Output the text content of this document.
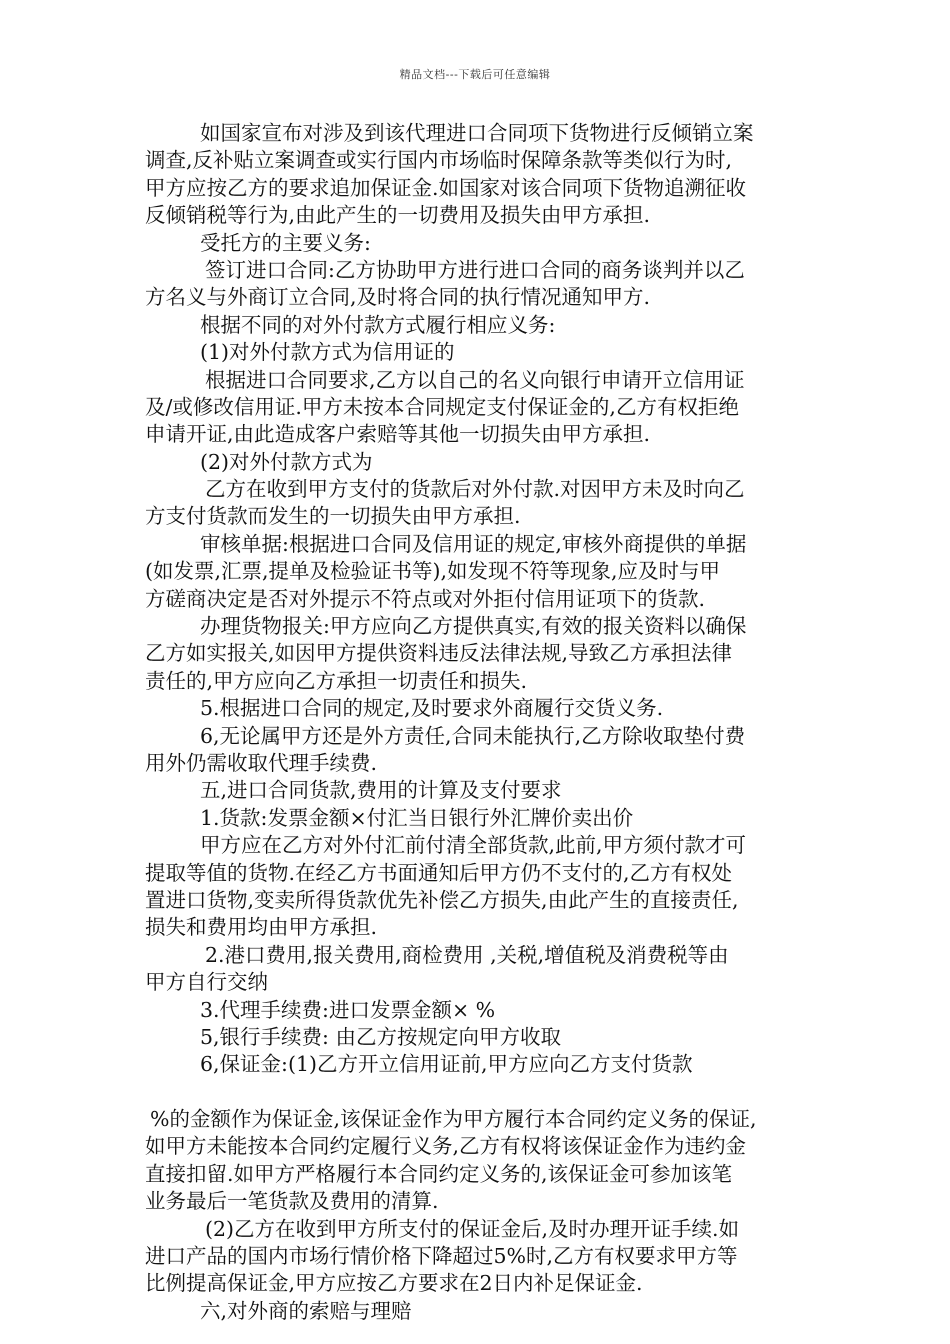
精品文档---下载后可任意编辑
如国家宣布对涉及到该代理进口合同项下货物进行反倾销立案
调查,反补贴立案调查或实行国内市场临时保障条款等类似行为时,
甲方应按乙方的要求追加保证金.如国家对该合同项下货物追溯征收
反倾销税等行为,由此产生的一切费用及损失由甲方承担.
受托方的主要义务:
签订进口合同:乙方协助甲方进行进口合同的商务谈判并以乙
方名义与外商订立合同,及时将合同的执行情况通知甲方.
根据不同的对外付款方式履行相应义务:
(1)对外付款方式为信用证的
根据进口合同要求,乙方以自己的名义向银行申请开立信用证
及/或修改信用证.甲方未按本合同规定支付保证金的,乙方有权拒绝
申请开证,由此造成客户索赔等其他一切损失由甲方承担.
(2)对外付款方式为
乙方在收到甲方支付的货款后对外付款.对因甲方未及时向乙
方支付货款而发生的一切损失由甲方承担.
审核单据:根据进口合同及信用证的规定,审核外商提供的单据
(如发票,汇票,提单及检验证书等),如发现不符等现象,应及时与甲
方磋商决定是否对外提示不符点或对外拒付信用证项下的货款.
办理货物报关:甲方应向乙方提供真实,有效的报关资料以确保
乙方如实报关,如因甲方提供资料违反法律法规,导致乙方承担法律
责任的,甲方应向乙方承担一切责任和损失.
5.根据进口合同的规定,及时要求外商履行交货义务.
6,无论属甲方还是外方责任,合同未能执行,乙方除收取垫付费
用外仍需收取代理手续费.
五,进口合同货款,费用的计算及支付要求
1.货款:发票金额×付汇当日银行外汇牌价卖出价
甲方应在乙方对外付汇前付清全部货款,此前,甲方须付款才可
提取等值的货物.在经乙方书面通知后甲方仍不支付的,乙方有权处
置进口货物,变卖所得货款优先补偿乙方损失,由此产生的直接责任,
损失和费用均由甲方承担.
2.港口费用,报关费用,商检费用 ,关税,增值税及消费税等由
甲方自行交纳
3.代理手续费:进口发票金额× %
5,银行手续费: 由乙方按规定向甲方收取
6,保证金:(1)乙方开立信用证前,甲方应向乙方支付货款
%的金额作为保证金,该保证金作为甲方履行本合同约定义务的保证,
如甲方未能按本合同约定履行义务,乙方有权将该保证金作为违约金
直接扣留.如甲方严格履行本合同约定义务的,该保证金可参加该笔
业务最后一笔货款及费用的清算.
(2)乙方在收到甲方所支付的保证金后,及时办理开证手续.如
进口产品的国内市场行情价格下降超过5%时,乙方有权要求甲方等
比例提高保证金,甲方应按乙方要求在2日内补足保证金.
六,对外商的索赔与理赔
